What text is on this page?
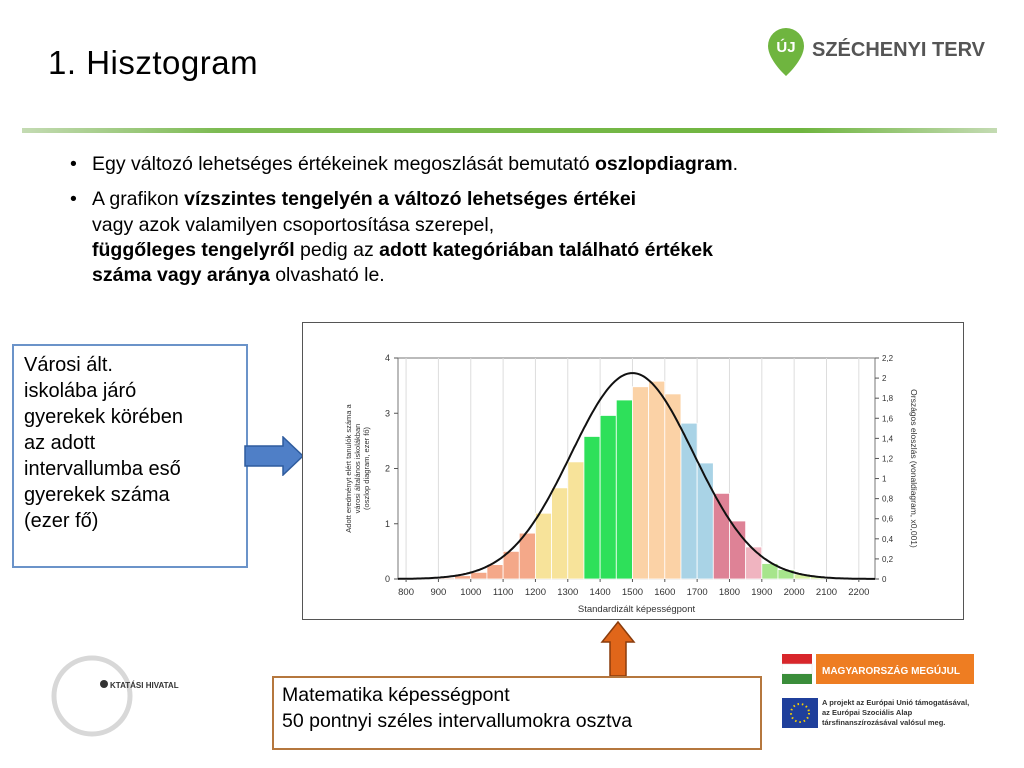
1. Hisztogram	ÚJ SZÉCHENYI TERV

• Egy változó lehetséges értékeinek megoszlását bemutató oszlopdiagram.

• A grafikon vízszintes tengelyén a változó lehetséges értékei
vagy azok valamilyen csoportosítása szerepel,
függőleges tengelyről pedig az adott kategóriában található értékek
száma vagy aránya olvasható le.

Városi ált.
iskolába járó
gyerekek körében
az adott
intervallumba eső
gyerekek száma
(ezer fő)
0
1
2
3
4
0
0,2
0,4
0,6
0,8
1
1,2
1,4
1,6
1,8
2
2,2
800 900 1000 1100 1200 1300 1400 1500 1600 1700 1800 1900 2000 2100 2200
Standardizált képességpont
Adott eredményt elért tanulók száma avárosi általános iskolákban(oszlop diagram, ezer fő)	Országos eloszlás (vonaldiagram, x0,001)
Matematika képességpont
50 pontnyi széles intervallumokra osztva
KTATÁSI HIVATAL
MAGYARORSZÁG MEGÚJUL
A projekt az Európai Unió támogatásával,
az Európai Szociális Alap
társfinanszírozásával valósul meg.
